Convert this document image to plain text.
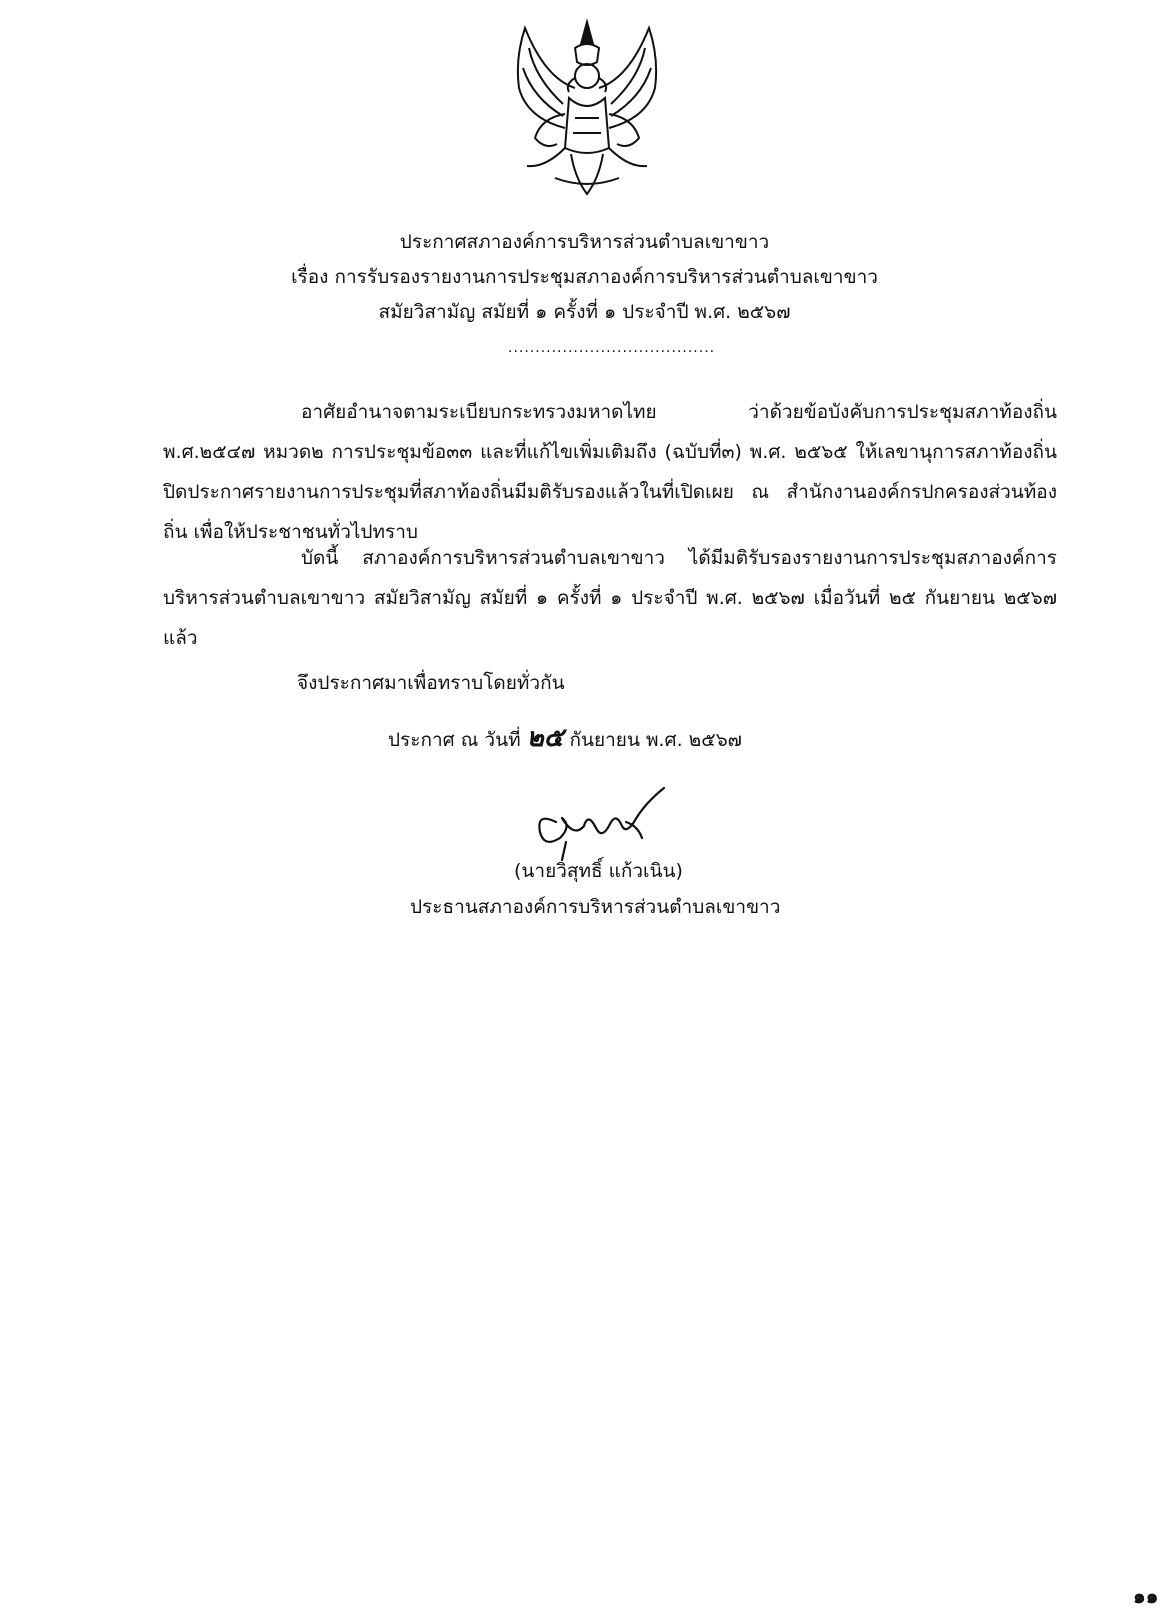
ประกาศสภาองค์การบริหารส่วนตำบลเขาขาว
เรื่อง การรับรองรายงานการประชุมสภาองค์การบริหารส่วนตำบลเขาขาว
สมัยวิสามัญ สมัยที่ ๑ ครั้งที่ ๑ ประจำปี พ.ศ. ๒๕๖๗
......................................
อาศัยอำนาจตามระเบียบกระทรวงมหาดไทย ว่าด้วยข้อบังคับการประชุมสภาท้องถิ่น พ.ศ.๒๕๔๗ หมวด๒ การประชุมข้อ๓๓ และที่แก้ไขเพิ่มเติมถึง (ฉบับที่๓) พ.ศ. ๒๕๖๕ ให้เลขานุการสภาท้องถิ่นปิดประกาศรายงานการประชุมที่สภาท้องถิ่นมีมติรับรองแล้วในที่เปิดเผย ณ สำนักงานองค์กรปกครองส่วนท้องถิ่น เพื่อให้ประชาชนทั่วไปทราบ
บัดนี้ สภาองค์การบริหารส่วนตำบลเขาขาว ได้มีมติรับรองรายงานการประชุมสภาองค์การบริหารส่วนตำบลเขาขาว สมัยวิสามัญ สมัยที่ ๑ ครั้งที่ ๑ ประจำปี พ.ศ. ๒๕๖๗ เมื่อวันที่ ๒๕ กันยายน ๒๕๖๗ แล้ว
จึงประกาศมาเพื่อทราบโดยทั่วกัน
ประกาศ ณ วันที่ ๒๕ กันยายน พ.ศ. ๒๕๖๗
(นายวิสุทธิ์ แก้วเนิน)
ประธานสภาองค์การบริหารส่วนตำบลเขาขาว
๑๑
